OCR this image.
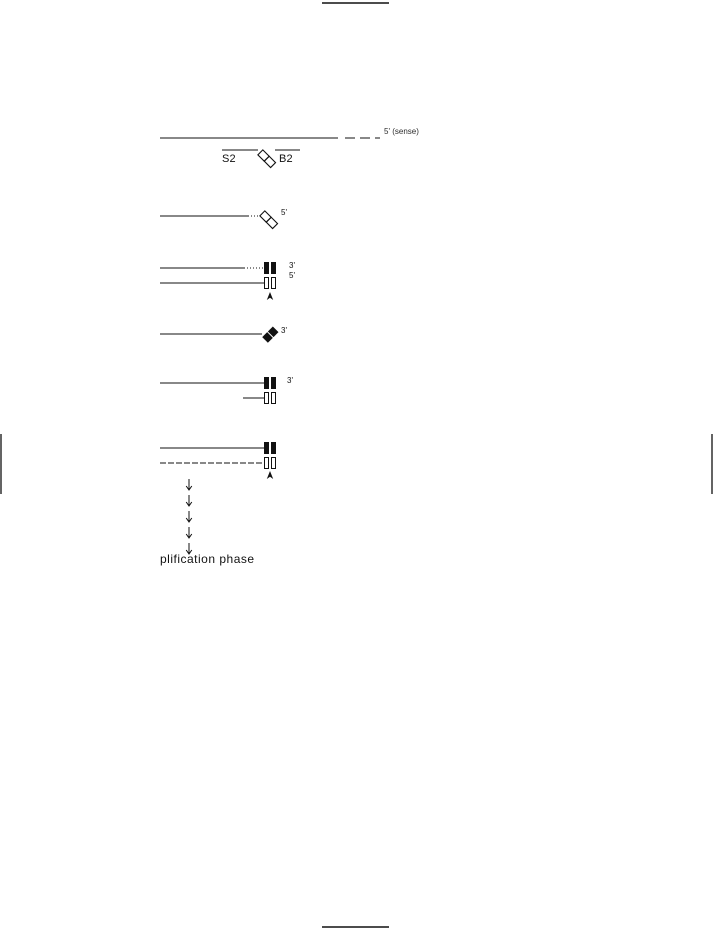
S2	B2
5' (sense)
5'
3'
5'
3'
3'
plification phase
